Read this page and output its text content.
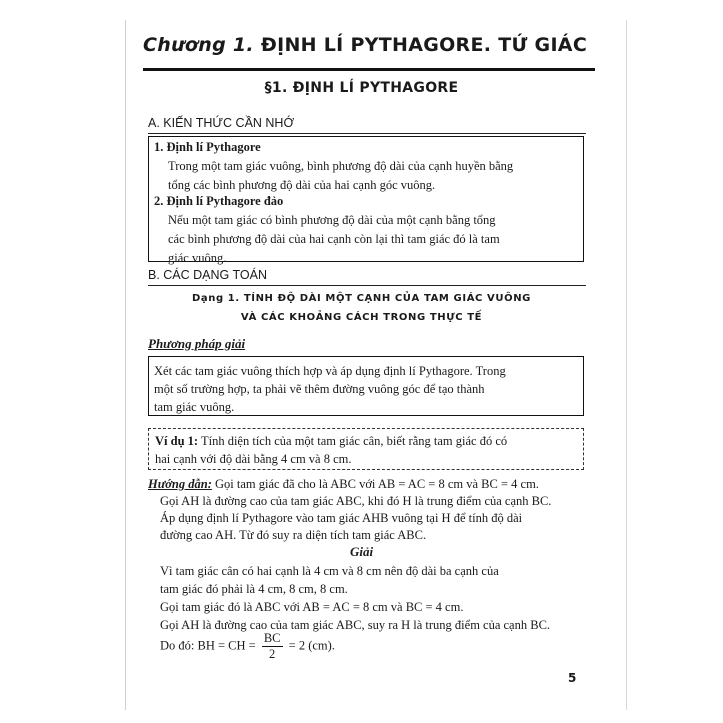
Chương 1. ĐỊNH LÍ PYTHAGORE. TỨ GIÁC
§1. ĐỊNH LÍ PYTHAGORE
A. KIẾN THỨC CẦN NHỚ
1. Định lí Pythagore
Trong một tam giác vuông, bình phương độ dài của cạnh huyền bằng
tổng các bình phương độ dài của hai cạnh góc vuông.
2. Định lí Pythagore đảo
Nếu một tam giác có bình phương độ dài của một cạnh bằng tổng
các bình phương độ dài của hai cạnh còn lại thì tam giác đó là tam
giác vuông.
B. CÁC DẠNG TOÁN
Dạng 1. TÍNH ĐỘ DÀI MỘT CẠNH CỦA TAM GIÁC VUÔNG
VÀ CÁC KHOẢNG CÁCH TRONG THỰC TẾ
Phương pháp giải
Xét các tam giác vuông thích hợp và áp dụng định lí Pythagore. Trong
một số trường hợp, ta phải vẽ thêm đường vuông góc để tạo thành
tam giác vuông.
Ví dụ 1: Tính diện tích của một tam giác cân, biết rằng tam giác đó có
hai cạnh với độ dài bằng 4 cm và 8 cm.
Hướng dẫn: Gọi tam giác đã cho là ABC với AB = AC = 8 cm và BC = 4 cm.
Gọi AH là đường cao của tam giác ABC, khi đó H là trung điểm của cạnh BC.
Áp dụng định lí Pythagore vào tam giác AHB vuông tại H để tính độ dài
đường cao AH. Từ đó suy ra diện tích tam giác ABC.
Giải
Vì tam giác cân có hai cạnh là 4 cm và 8 cm nên độ dài ba cạnh của
tam giác đó phải là 4 cm, 8 cm, 8 cm.
Gọi tam giác đó là ABC với AB = AC = 8 cm và BC = 4 cm.
Gọi AH là đường cao của tam giác ABC, suy ra H là trung điểm của cạnh BC.
Do đó: BH = CH = $\frac{BC}{2} = 2$ (cm).
5
